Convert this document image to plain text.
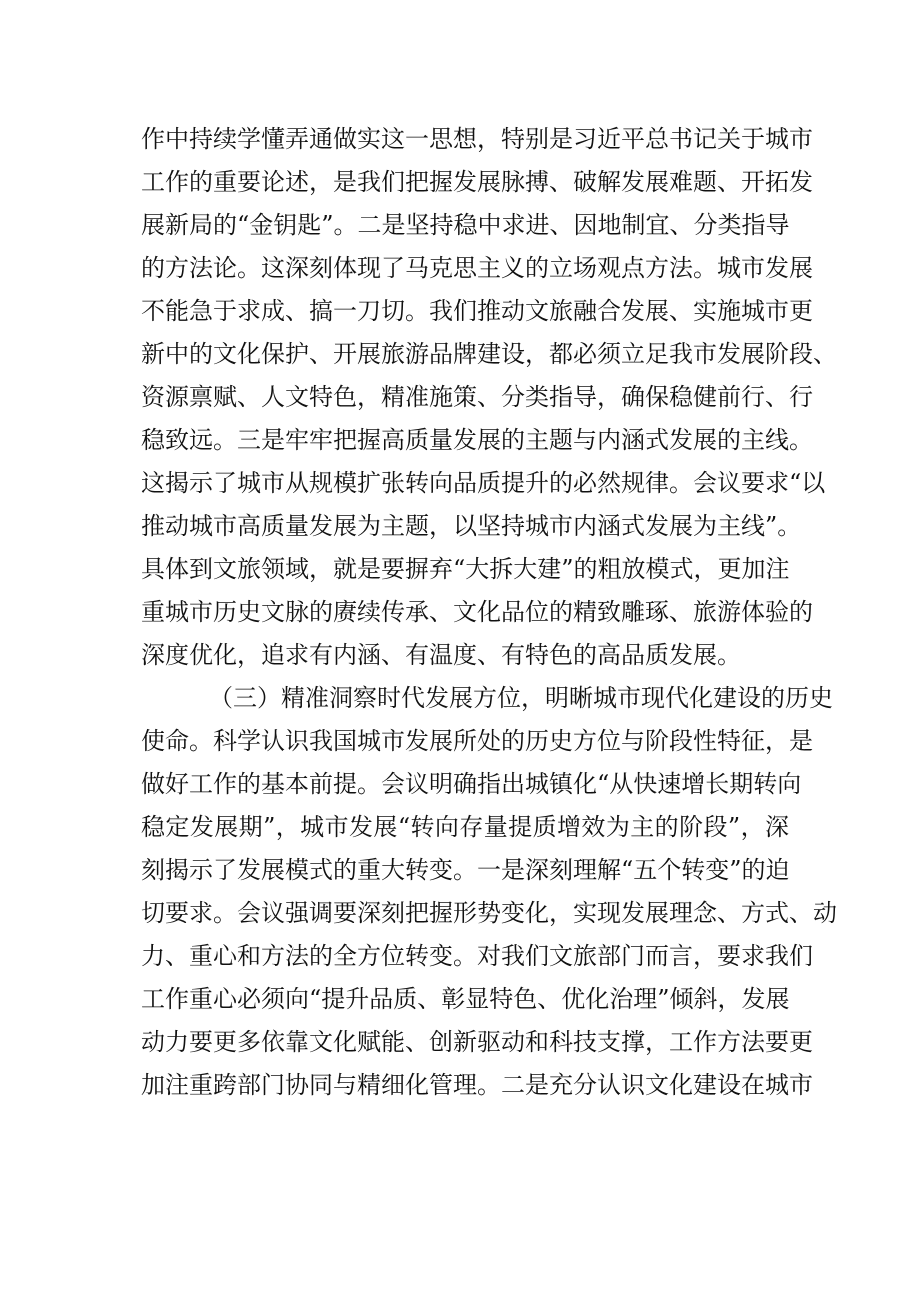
作中持续学懂弄通做实这一思想，特别是习近平总书记关于城市
工作的重要论述，是我们把握发展脉搏、破解发展难题、开拓发
展新局的“金钥匙”。二是坚持稳中求进、因地制宜、分类指导
的方法论。这深刻体现了马克思主义的立场观点方法。城市发展
不能急于求成、搞一刀切。我们推动文旅融合发展、实施城市更
新中的文化保护、开展旅游品牌建设，都必须立足我市发展阶段、
资源禀赋、人文特色，精准施策、分类指导，确保稳健前行、行
稳致远。三是牢牢把握高质量发展的主题与内涵式发展的主线。
这揭示了城市从规模扩张转向品质提升的必然规律。会议要求“以
推动城市高质量发展为主题，以坚持城市内涵式发展为主线”。
具体到文旅领域，就是要摒弃“大拆大建”的粗放模式，更加注
重城市历史文脉的赓续传承、文化品位的精致雕琢、旅游体验的
深度优化，追求有内涵、有温度、有特色的高品质发展。
（三）精准洞察时代发展方位，明晰城市现代化建设的历史
使命。科学认识我国城市发展所处的历史方位与阶段性特征，是
做好工作的基本前提。会议明确指出城镇化“从快速增长期转向
稳定发展期”，城市发展“转向存量提质增效为主的阶段”，深
刻揭示了发展模式的重大转变。一是深刻理解“五个转变”的迫
切要求。会议强调要深刻把握形势变化，实现发展理念、方式、动
力、重心和方法的全方位转变。对我们文旅部门而言，要求我们
工作重心必须向“提升品质、彰显特色、优化治理”倾斜，发展
动力要更多依靠文化赋能、创新驱动和科技支撑，工作方法要更
加注重跨部门协同与精细化管理。二是充分认识文化建设在城市
